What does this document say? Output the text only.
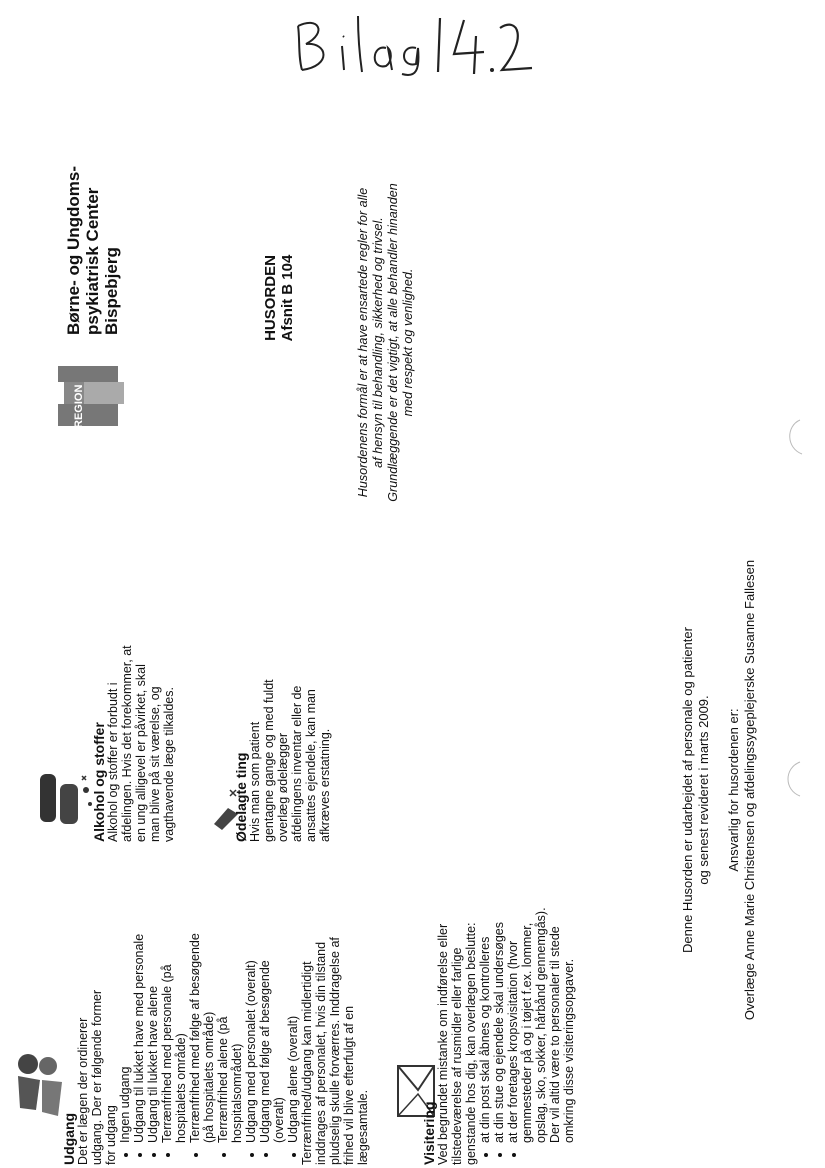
REGION
Børne- og Ungdoms- psykiatrisk Center Bispebjerg	HUSORDEN Afsnit B 104	Husordenens formål er at have ensartede regler for alle af hensyn til behandling, sikkerhed og trivsel. Grundlæggende er det vigtigt, at alle behandler hinanden med respekt og venlighed.
Denne Husorden er udarbejdet af personale og patienter og senest revideret i marts 2009. Ansvarlig for husordenen er: Overlæge Anne Marie Christensen og afdelingssygeplejerske Susanne Fallesen
Udgang Det er lægen der ordinerer udgang. Der er følgende former for udgang • Ingen udgang • Udgang til lukket have med personale • Udgang til lukket have alene • Terrænfrihed med personale (på hospitalets område) • Terrænfrihed med følge af besøgende (på hospitalets område) • Terrænfrihed alene (på hospitalsområdet) • Udgang med personalet (overalt) • Udgang med følge af besøgende (overalt) • Udgang alene (overalt) Terrænfrihed/udgang kan midlertidigt inddrages af personalet, hvis din tilstand pludselig skulle forværres. Inddragelse af frihed vil blive efterfulgt af en lægesamtale.	Visitering Ved begrundet mistanke om indførelse eller tilstedeværelse af rusmidler eller farlige genstande hos dig, kan overlægen beslutte: • at din post skal åbnes og kontrolleres • at din stue og ejendele skal undersøges • at der foretages kropsvisitation (hvor gemmesteder på og i tøjet f.ex. lommer, opslag, sko, sokker, hårbånd gennemgås). Der vil altid være to personaler til stede omkring disse visiteringsopgaver.
Alkohol og stoffer Alkohol og stoffer er forbudt i afdelingen. Hvis det forekommer, at en ung alligevel er påvirket, skal man blive på sit værelse, og vagthavende læge tilkaldes.	Ødelagte ting Hvis man som patient gentagne gange og med fuldt overlæg ødelægger afdelingens inventar eller de ansattes ejendele, kan man afkræves erstatning.
